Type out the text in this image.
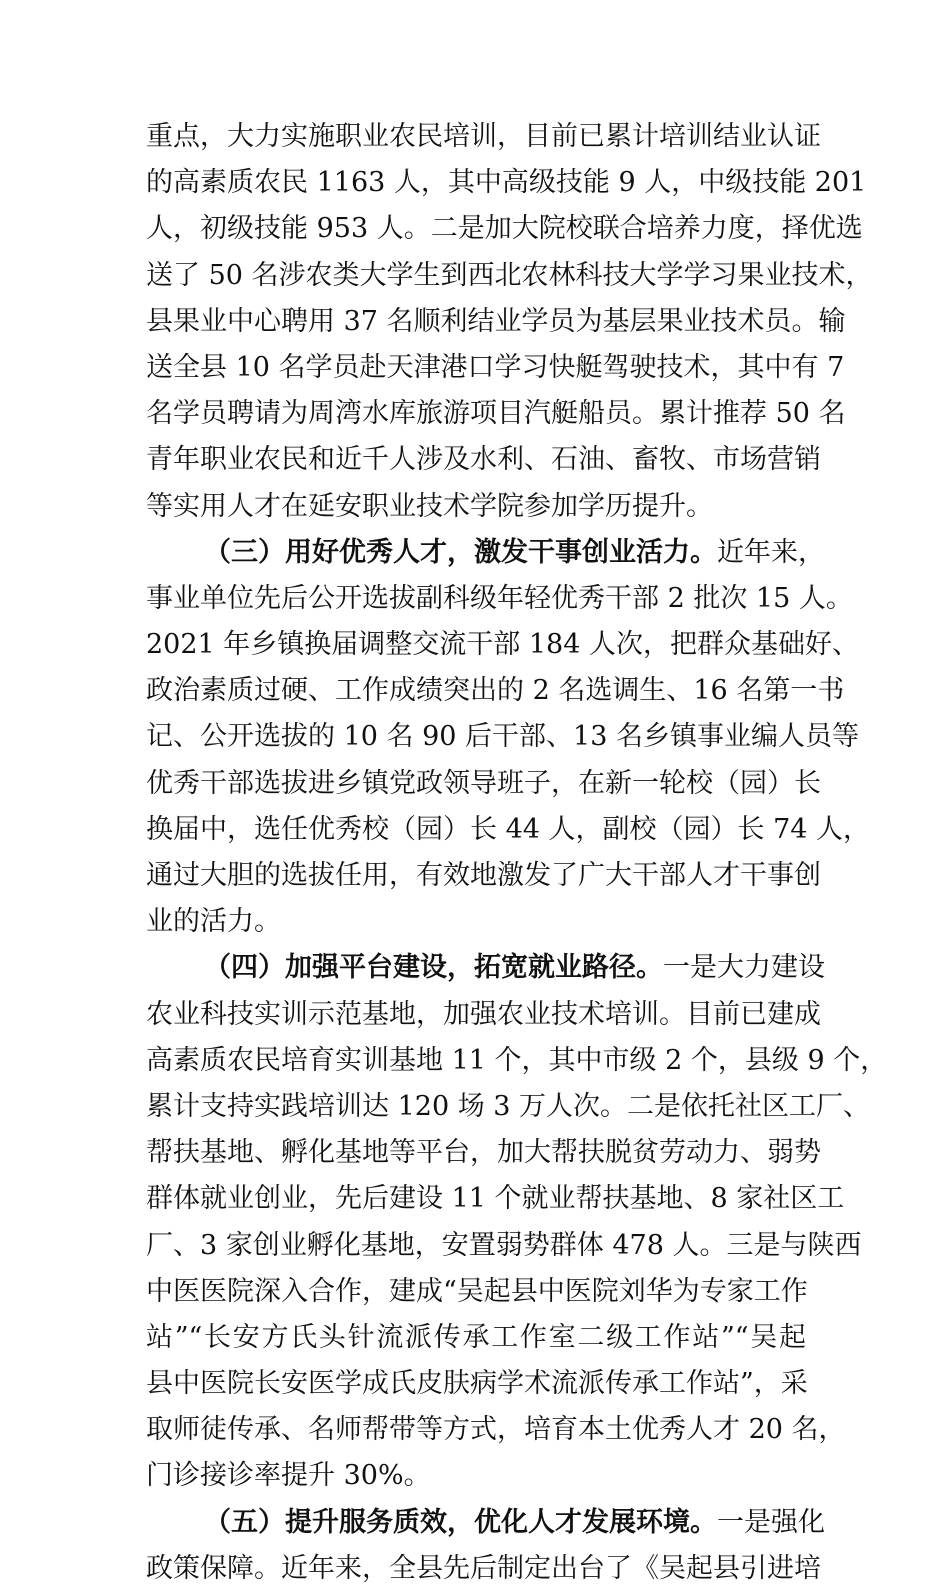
重点，大力实施职业农民培训，目前已累计培训结业认证
的高素质农民 1163 人，其中高级技能 9 人，中级技能 201
人，初级技能 953 人。二是加大院校联合培养力度，择优选
送了 50 名涉农类大学生到西北农林科技大学学习果业技术，
县果业中心聘用 37 名顺利结业学员为基层果业技术员。输
送全县 10 名学员赴天津港口学习快艇驾驶技术，其中有 7
名学员聘请为周湾水库旅游项目汽艇船员。累计推荐 50 名
青年职业农民和近千人涉及水利、石油、畜牧、市场营销
等实用人才在延安职业技术学院参加学历提升。
（三）用好优秀人才，激发干事创业活力。近年来，
事业单位先后公开选拔副科级年轻优秀干部 2 批次 15 人。
2021 年乡镇换届调整交流干部 184 人次，把群众基础好、
政治素质过硬、工作成绩突出的 2 名选调生、16 名第一书
记、公开选拔的 10 名 90 后干部、13 名乡镇事业编人员等
优秀干部选拔进乡镇党政领导班子，在新一轮校（园）长
换届中，选任优秀校（园）长 44 人，副校（园）长 74 人，
通过大胆的选拔任用，有效地激发了广大干部人才干事创
业的活力。
（四）加强平台建设，拓宽就业路径。一是大力建设
农业科技实训示范基地，加强农业技术培训。目前已建成
高素质农民培育实训基地 11 个，其中市级 2 个，县级 9 个，
累计支持实践培训达 120 场 3 万人次。二是依托社区工厂、
帮扶基地、孵化基地等平台，加大帮扶脱贫劳动力、弱势
群体就业创业，先后建设 11 个就业帮扶基地、8 家社区工
厂、3 家创业孵化基地，安置弱势群体 478 人。三是与陕西
中医医院深入合作，建成“吴起县中医院刘华为专家工作
站”“长安方氏头针流派传承工作室二级工作站”“吴起
县中医院长安医学成氏皮肤病学术流派传承工作站”，采
取师徒传承、名师帮带等方式，培育本土优秀人才 20 名，
门诊接诊率提升 30%。
（五）提升服务质效，优化人才发展环境。一是强化
政策保障。近年来，全县先后制定出台了《吴起县引进培
